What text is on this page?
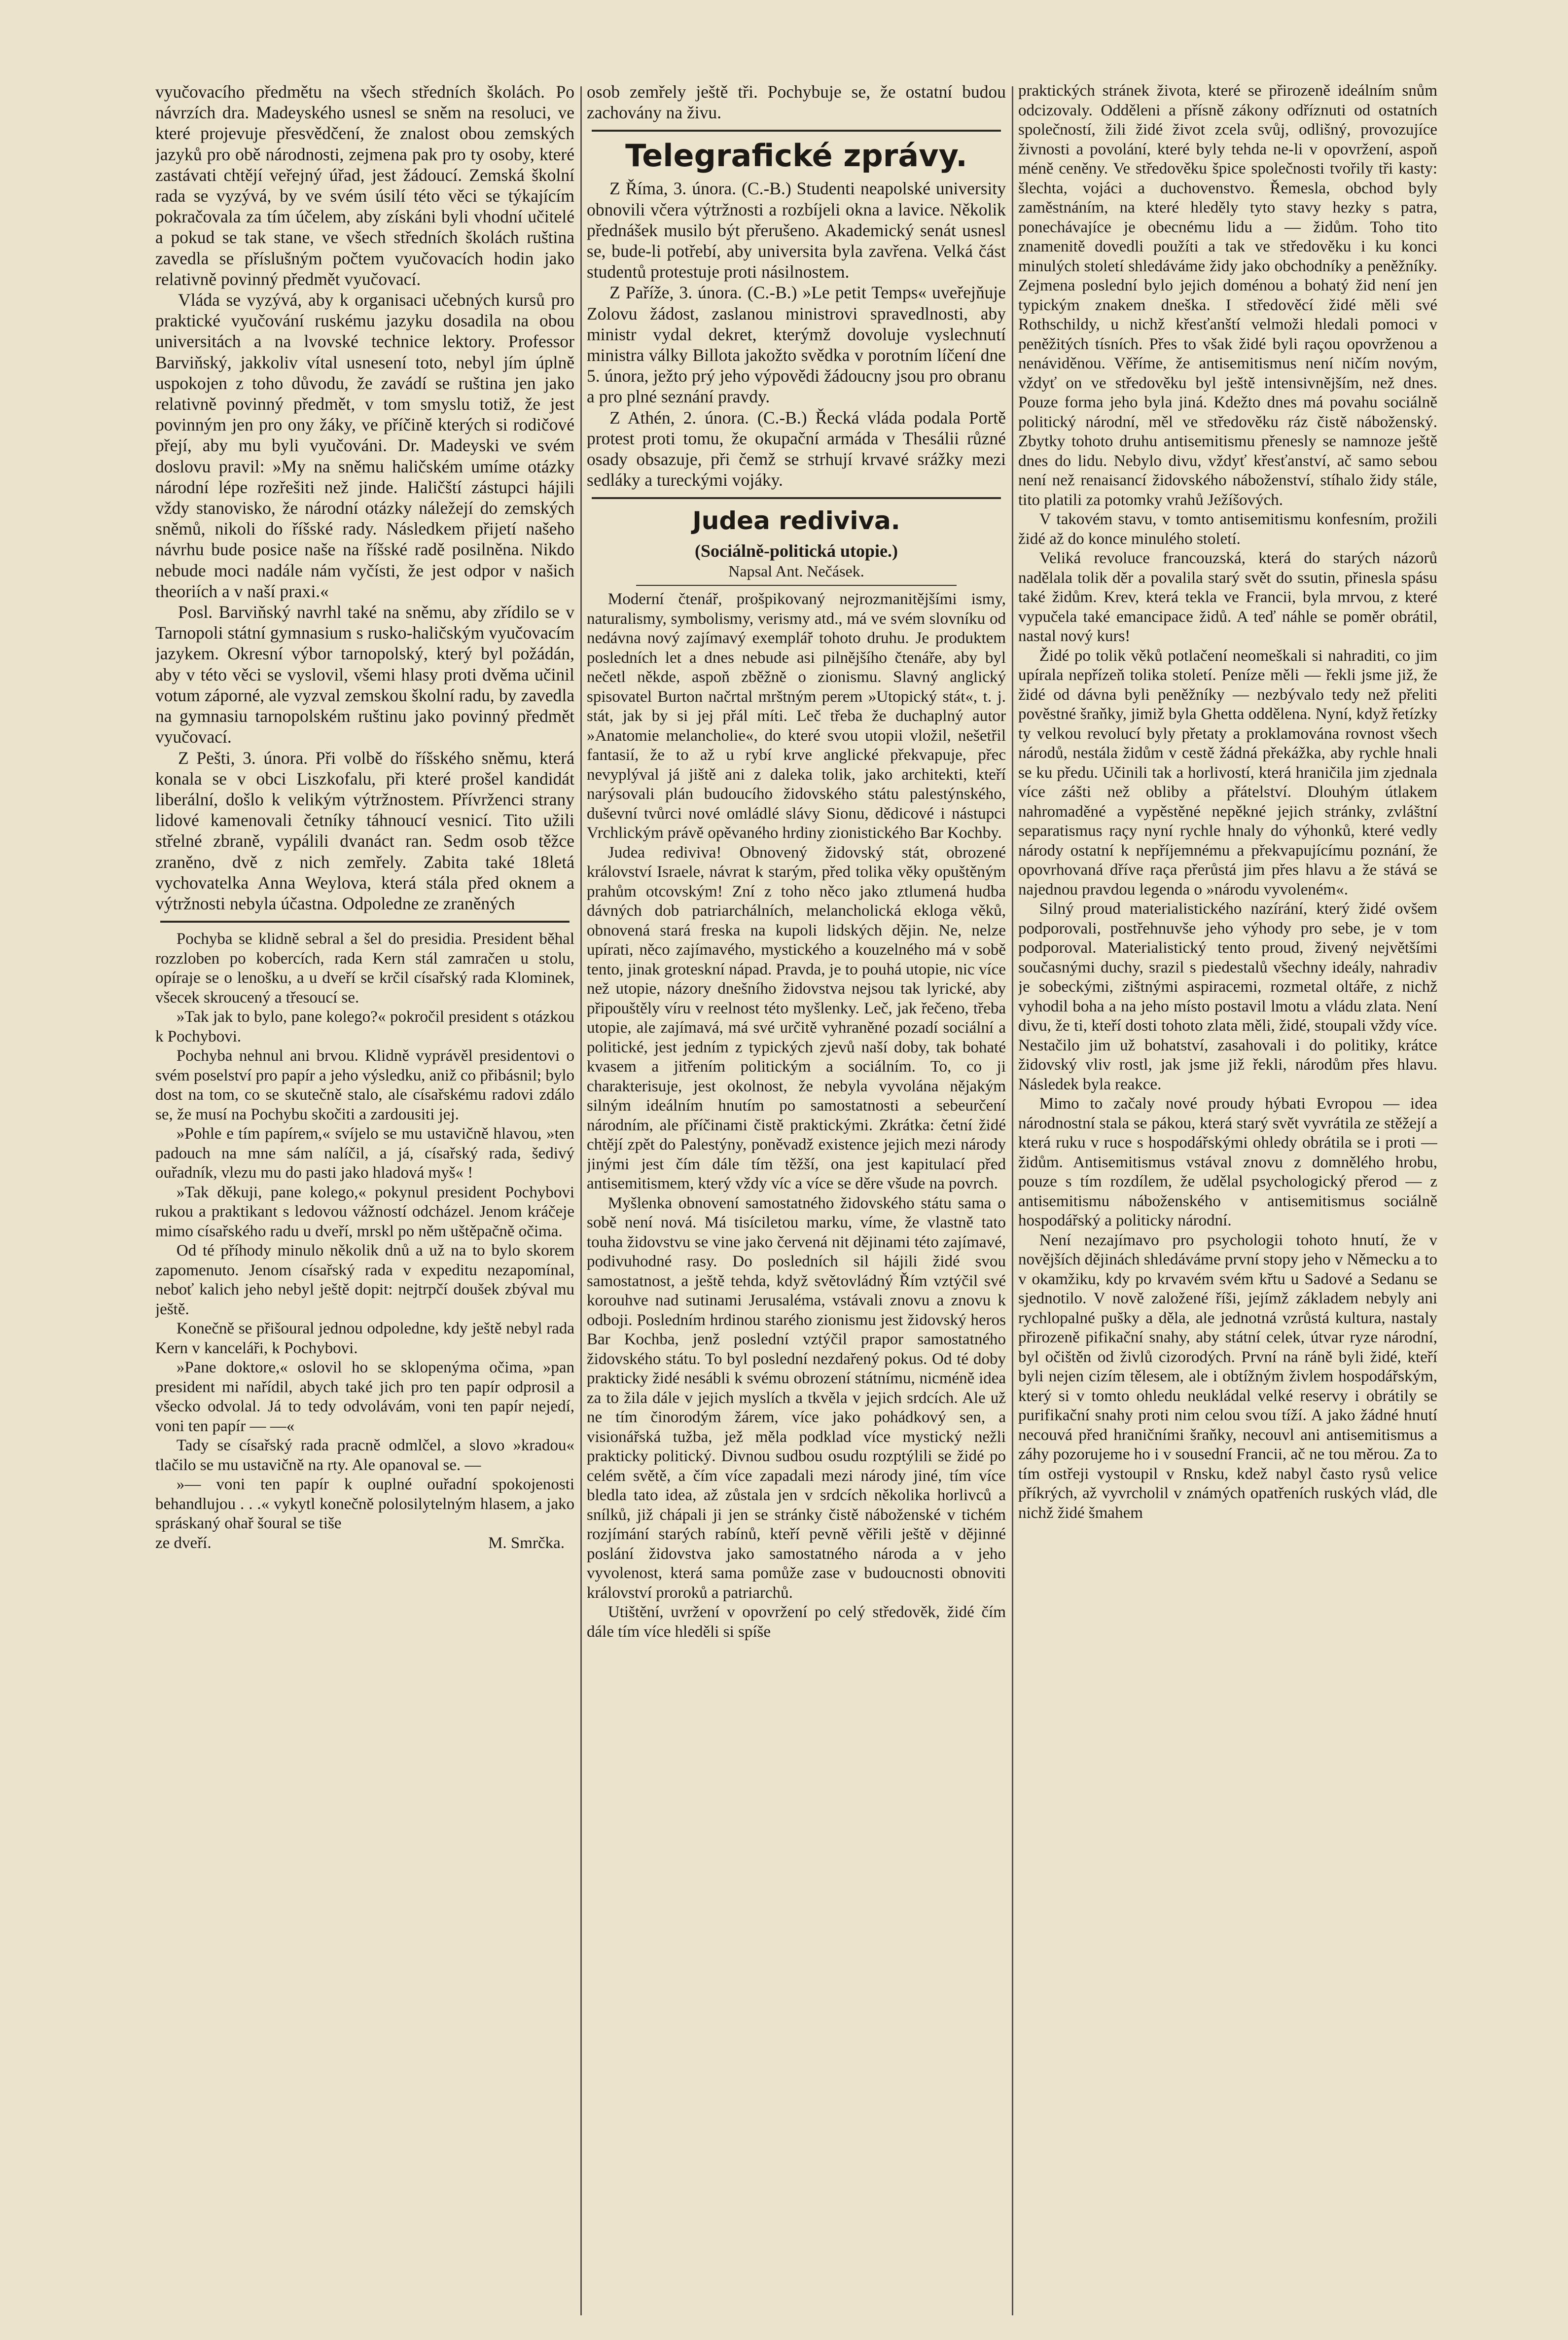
vyučovacího předmětu na všech středních školách. Po návrzích dra. Madeyského usnesl se sněm na resoluci, ve které projevuje přesvědčení, že znalost obou zemských jazyků pro obě národnosti, zejmena pak pro ty osoby, které zastávati chtějí veřejný úřad, jest žádoucí. Zemská školní rada se vyzývá, by ve svém úsilí této věci se týkajícím pokračovala za tím účelem, aby získáni byli vhodní učitelé a pokud se tak stane, ve všech středních školách ruština zavedla se příslušným počtem vyučovacích hodin jako relativně povinný předmět vyučovací.

Vláda se vyzývá, aby k organisaci učebných kursů pro praktické vyučování ruskému jazyku dosadila na obou universitách a na lvovské technice lektory. Professor Barviňský, jakkoliv vítal usnesení toto, nebyl jím úplně uspokojen z toho důvodu, že zavádí se ruština jen jako relativně povinný předmět, v tom smyslu totiž, že jest povinným jen pro ony žáky, ve příčině kterých si rodičové přejí, aby mu byli vyučováni. Dr. Madeyski ve svém doslovu pravil: »My na sněmu haličském umíme otázky národní lépe rozřešiti než jinde. Haličští zástupci hájili vždy stanovisko, že národní otázky náležejí do zemských sněmů, nikoli do říšské rady. Následkem přijetí našeho návrhu bude posice naše na říšské radě posilněna. Nikdo nebude moci nadále nám vyčísti, že jest odpor v našich theoriích a v naší praxi.«

Posl. Barviňský navrhl také na sněmu, aby zřídilo se v Tarnopoli státní gymnasium s rusko-haličským vyučovacím jazykem. Okresní výbor tarnopolský, který byl požádán, aby v této věci se vyslovil, všemi hlasy proti dvěma učinil votum záporné, ale vyzval zemskou školní radu, by zavedla na gymnasiu tarnopolském ruštinu jako povinný předmět vyučovací.

Z Pešti, 3. února. Při volbě do říšského sněmu, která konala se v obci Liszkofalu, při které prošel kandidát liberální, došlo k velikým výtržnostem. Přívrženci strany lidové kamenovali četníky táhnoucí vesnicí. Tito užili střelné zbraně, vypálili dvanáct ran. Sedm osob těžce zraněno, dvě z nich zemřely. Zabita také 18letá vychovatelka Anna Weylova, která stála před oknem a výtržnosti nebyla účastna. Odpoledne ze zraněných

Pochyba se klidně sebral a šel do presidia. President běhal rozzloben po kobercích, rada Kern stál zamračen u stolu, opíraje se o lenošku, a u dveří se krčil císařský rada Klominek, všecek skroucený a třesoucí se.

»Tak jak to bylo, pane kolego?« pokročil president s otázkou k Pochybovi.

Pochyba nehnul ani brvou. Klidně vyprávěl presidentovi o svém poselství pro papír a jeho výsledku, aniž co přibásnil; bylo dost na tom, co se skutečně stalo, ale císařskému radovi zdálo se, že musí na Pochybu skočiti a zardousiti jej.

»Pohle e tím papírem,« svíjelo se mu ustavičně hlavou, »ten padouch na mne sám nalíčil, a já, císařský rada, šedivý ouřadník, vlezu mu do pasti jako hladová myš« !

»Tak děkuji, pane kolego,« pokynul president Pochybovi rukou a praktikant s ledovou vážností odcházel. Jenom kráčeje mimo císařského radu u dveří, mrskl po něm uštěpačně očima.

Od té příhody minulo několik dnů a už na to bylo skorem zapomenuto. Jenom císařský rada v expeditu nezapomínal, neboť kalich jeho nebyl ještě dopit: nejtrpčí doušek zbýval mu ještě.

Konečně se přišoural jednou odpoledne, kdy ještě nebyl rada Kern v kanceláři, k Pochybovi.

»Pane doktore,« oslovil ho se sklopenýma očima, »pan president mi nařídil, abych také jich pro ten papír odprosil a všecko odvolal. Já to tedy odvolávám, voni ten papír nejedí, voni ten papír — —«

Tady se císařský rada pracně odmlčel, a slovo »kradou« tlačilo se mu ustavičně na rty. Ale opanoval se. —

»— voni ten papír k ouplné ouřadní spokojenosti behandlujou . . .« vykytl konečně polosilytelným hlasem, a jako spráskaný ohař šoural se tiše

ze dveří.	M. Smrčka.

osob zemřely ještě tři. Pochybuje se, že ostatní budou zachovány na živu.

Telegrafické zprávy.

Z Říma, 3. února. (C.-B.) Studenti neapolské university obnovili včera výtržnosti a rozbíjeli okna a lavice. Několik přednášek musilo být přerušeno. Akademický senát usnesl se, bude-li potřebí, aby universita byla zavřena. Velká část studentů protestuje proti násilnostem.

Z Paříže, 3. února. (C.-B.) »Le petit Temps« uveřejňuje Zolovu žádost, zaslanou ministrovi spravedlnosti, aby ministr vydal dekret, kterýmž dovoluje vyslechnutí ministra války Billota jakožto svědka v porotním líčení dne 5. února, ježto prý jeho výpovědi žádoucny jsou pro obranu a pro plné seznání pravdy.

Z Athén, 2. února. (C.-B.) Řecká vláda podala Portě protest proti tomu, že okupační armáda v Thesálii různé osady obsazuje, při čemž se strhují krvavé srážky mezi sedláky a tureckými vojáky.

Judea rediviva.
(Sociálně-politická utopie.)
Napsal Ant. Nečásek.

Moderní čtenář, prošpikovaný nejrozmanitějšími ismy, naturalismy, symbolismy, verismy atd., má ve svém slovníku od nedávna nový zajímavý exemplář tohoto druhu. Je produktem posledních let a dnes nebude asi pilnějšího čtenáře, aby byl nečetl někde, aspoň zběžně o zionismu. Slavný anglický spisovatel Burton načrtal mrštným perem »Utopický stát«, t. j. stát, jak by si jej přál míti. Leč třeba že duchaplný autor »Anatomie melancholie«, do které svou utopii vložil, nešetřil fantasií, že to až u rybí krve anglické překvapuje, přec nevyplýval já jiště ani z daleka tolik, jako architekti, kteří narýsovali plán budoucího židovského státu palestýnského, duševní tvůrci nové omládlé slávy Sionu, dědicové i nástupci Vrchlickým právě opěvaného hrdiny zionistického Bar Kochby.

Judea rediviva! Obnovený židovský stát, obrozené království Israele, návrat k starým, před tolika věky opuštěným prahům otcovským! Zní z toho něco jako ztlumená hudba dávných dob patriarchálních, melancholická ekloga věků, obnovená stará freska na kupoli lidských dějin. Ne, nelze upírati, něco zajímavého, mystického a kouzelného má v sobě tento, jinak groteskní nápad. Pravda, je to pouhá utopie, nic více než utopie, názory dnešního židovstva nejsou tak lyrické, aby připouštěly víru v reelnost této myšlenky. Leč, jak řečeno, třeba utopie, ale zajímavá, má své určitě vyhraněné pozadí sociální a politické, jest jedním z typických zjevů naší doby, tak bohaté kvasem a jitřením politickým a sociálním. To, co ji charakterisuje, jest okolnost, že nebyla vyvolána nějakým silným ideálním hnutím po samostatnosti a sebeurčení národním, ale příčinami čistě praktickými. Zkrátka: četní židé chtějí zpět do Palestýny, poněvadž existence jejich mezi národy jinými jest čím dále tím těžší, ona jest kapitulací před antisemitismem, který vždy víc a více se děre všude na povrch.

Myšlenka obnovení samostatného židovského státu sama o sobě není nová. Má tisíciletou marku, víme, že vlastně tato touha židovstvu se vine jako červená nit dějinami této zajímavé, podivuhodné rasy. Do posledních sil hájili židé svou samostatnost, a ještě tehda, když světovládný Řím vztýčil své korouhve nad sutinami Jerusaléma, vstávali znovu a znovu k odboji. Posledním hrdinou starého zionismu jest židovský heros Bar Kochba, jenž poslední vztýčil prapor samostatného židovského státu. To byl poslední nezdařený pokus. Od té doby prakticky židé nesábli k svému obrození státnímu, nicméně idea za to žila dále v jejich myslích a tkvěla v jejich srdcích. Ale už ne tím činorodým žárem, více jako pohádkový sen, a visionářská tužba, jež měla podklad více mystický nežli prakticky politický. Divnou sudbou osudu rozptýlili se židé po celém světě, a čím více zapadali mezi národy jiné, tím více bledla tato idea, až zůstala jen v srdcích několika horlivců a snílků, již chápali ji jen se stránky čistě náboženské v tichém rozjímání starých rabínů, kteří pevně věřili ještě v dějinné poslání židovstva jako samostatného národa a v jeho vyvolenost, která sama pomůže zase v budoucnosti obnoviti království proroků a patriarchů.

Utištění, uvržení v opovržení po celý středověk, židé čím dále tím více hleděli si spíše

praktických stránek života, které se přirozeně ideálním snům odcizovaly. Odděleni a přísně zákony odříznuti od ostatních společností, žili židé život zcela svůj, odlišný, provozujíce živnosti a povolání, které byly tehda ne-li v opovržení, aspoň méně ceněny. Ve středověku špice společnosti tvořily tři kasty: šlechta, vojáci a duchovenstvo. Řemesla, obchod byly zaměstnáním, na které hleděly tyto stavy hezky s patra, ponechávajíce je obecnému lidu a — židům. Toho tito znamenitě dovedli použíti a tak ve středověku i ku konci minulých století shledáváme židy jako obchodníky a peněžníky. Zejmena poslední bylo jejich doménou a bohatý žid není jen typickým znakem dneška. I středověcí židé měli své Rothschildy, u nichž křesťanští velmoži hledali pomoci v peněžitých tísních. Přes to však židé byli raçou opovrženou a nenáviděnou. Věříme, že antisemitismus není ničím novým, vždyť on ve středověku byl ještě intensivnějším, než dnes. Pouze forma jeho byla jiná. Kdežto dnes má povahu sociálně politický národní, měl ve středověku ráz čistě náboženský. Zbytky tohoto druhu antisemitismu přenesly se namnoze ještě dnes do lidu. Nebylo divu, vždyť křesťanství, ač samo sebou není než renaisancí židovského náboženství, stíhalo židy stále, tito platili za potomky vrahů Ježíšových.

V takovém stavu, v tomto antisemitismu konfesním, prožili židé až do konce minulého století.

Veliká revoluce francouzská, která do starých názorů nadělala tolik děr a povalila starý svět do ssutin, přinesla spásu také židům. Krev, která tekla ve Francii, byla mrvou, z které vypučela také emancipace židů. A teď náhle se poměr obrátil, nastal nový kurs!

Židé po tolik věků potlačení neomeškali si nahraditi, co jim upírala nepřízeň tolika století. Peníze měli — řekli jsme již, že židé od dávna byli peněžníky — nezbývalo tedy než přeliti pověstné šraňky, jimiž byla Ghetta oddělena. Nyní, když řetízky ty velkou revolucí byly přetaty a proklamována rovnost všech národů, nestála židům v cestě žádná překážka, aby rychle hnali se ku předu. Učinili tak a horlivostí, která hraničila jim zjednala více zášti než obliby a přátelství. Dlouhým útlakem nahromaděné a vypěstěné nepěkné jejich stránky, zvláštní separatismus raçy nyní rychle hnaly do výhonků, které vedly národy ostatní k nepříjemnému a překvapujícímu poznání, že opovrhovaná dříve raça přerůstá jim přes hlavu a že stává se najednou pravdou legenda o »národu vyvoleném«.

Silný proud materialistického nazírání, který židé ovšem podporovali, postřehnuvše jeho výhody pro sebe, je v tom podporoval. Materialistický tento proud, živený největšími současnými duchy, srazil s piedestalů všechny ideály, nahradiv je sobeckými, zištnými aspiracemi, rozmetal oltáře, z nichž vyhodil boha a na jeho místo postavil lmotu a vládu zlata. Není divu, že ti, kteří dosti tohoto zlata měli, židé, stoupali vždy více. Nestačilo jim už bohatství, zasahovali i do politiky, krátce židovský vliv rostl, jak jsme již řekli, národům přes hlavu. Následek byla reakce.

Mimo to začaly nové proudy hýbati Evropou — idea národnostní stala se pákou, která starý svět vyvrátila ze stěžejí a která ruku v ruce s hospodářskými ohledy obrátila se i proti — židům. Antisemitismus vstával znovu z domnělého hrobu, pouze s tím rozdílem, že udělal psychologický přerod — z antisemitismu náboženského v antisemitismus sociálně hospodářský a politicky národní.

Není nezajímavo pro psychologii tohoto hnutí, že v novějších dějinách shledáváme první stopy jeho v Německu a to v okamžiku, kdy po krvavém svém křtu u Sadové a Sedanu se sjednotilo. V nově založené říši, jejímž základem nebyly ani rychlopalné pušky a děla, ale jednotná vzrůstá kultura, nastaly přirozeně pifikační snahy, aby státní celek, útvar ryze národní, byl očištěn od živlů cizorodých. První na ráně byli židé, kteří byli nejen cizím tělesem, ale i obtížným živlem hospodářským, který si v tomto ohledu neukládal velké reservy i obrátily se purifikační snahy proti nim celou svou tíží. A jako žádné hnutí necouvá před hraničními šraňky, necouvl ani antisemitismus a záhy pozorujeme ho i v sousední Francii, ač ne tou měrou. Za to tím ostřeji vystoupil v Rnsku, kdež nabyl často rysů velice příkrých, až vyvrcholil v známých opatřeních ruských vlád, dle nichž židé šmahem
